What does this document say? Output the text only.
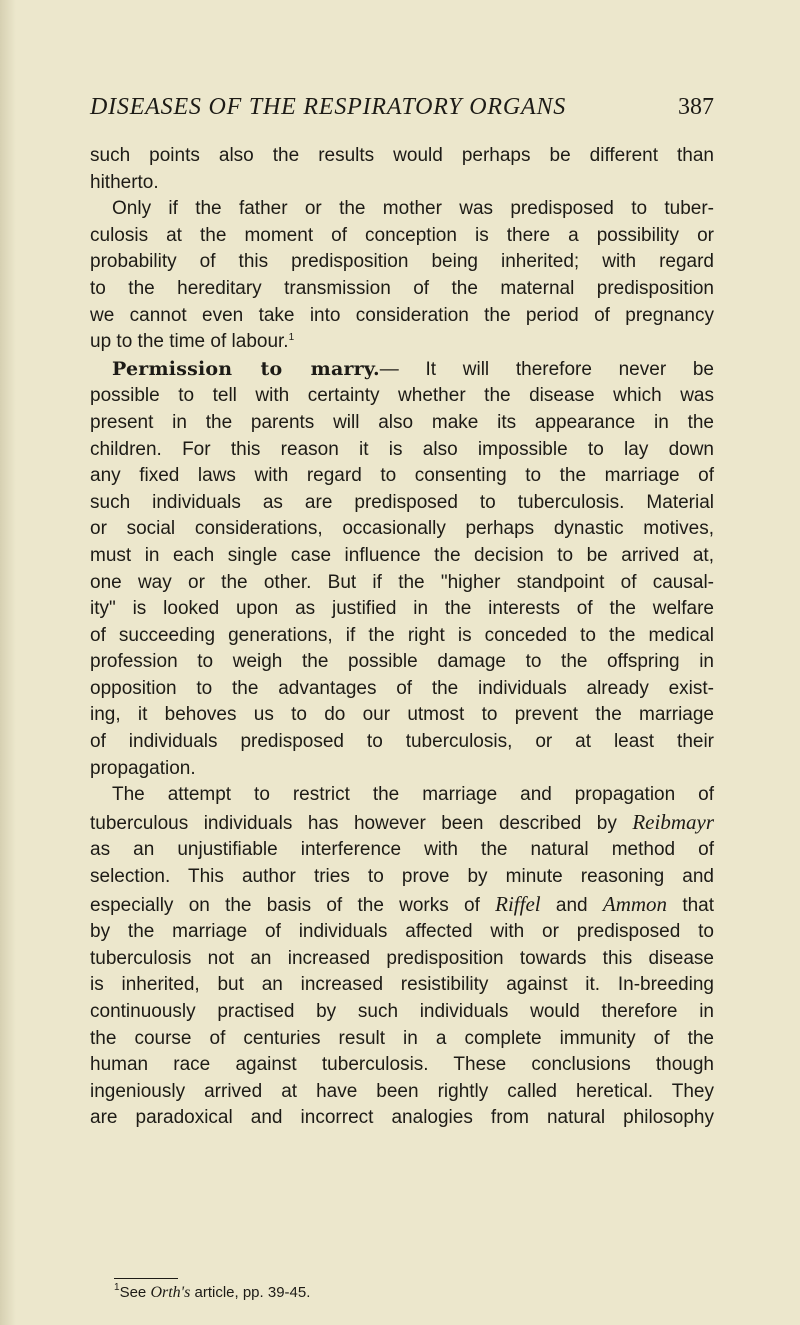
DISEASES OF THE RESPIRATORY ORGANS	387
such points also the results would perhaps be different than
hitherto.
Only if the father or the mother was predisposed to tuber-
culosis at the moment of conception is there a possibility or
probability of this predisposition being inherited; with regard
to the hereditary transmission of the maternal predisposition
we cannot even take into consideration the period of pregnancy
up to the time of labour.$^1$
Permission to marry.— It will therefore never be
possible to tell with certainty whether the disease which was
present in the parents will also make its appearance in the
children. For this reason it is also impossible to lay down
any fixed laws with regard to consenting to the marriage of
such individuals as are predisposed to tuberculosis. Material
or social considerations, occasionally perhaps dynastic motives,
must in each single case influence the decision to be arrived at,
one way or the other. But if the "higher standpoint of causal-
ity" is looked upon as justified in the interests of the welfare
of succeeding generations, if the right is conceded to the medical
profession to weigh the possible damage to the offspring in
opposition to the advantages of the individuals already exist-
ing, it behoves us to do our utmost to prevent the marriage
of individuals predisposed to tuberculosis, or at least their
propagation.
The attempt to restrict the marriage and propagation of
tuberculous individuals has however been described by Reibmayr
as an unjustifiable interference with the natural method of
selection. This author tries to prove by minute reasoning and
especially on the basis of the works of Riffel and Ammon that
by the marriage of individuals affected with or predisposed to
tuberculosis not an increased predisposition towards this disease
is inherited, but an increased resistibility against it. In-breeding
continuously practised by such individuals would therefore in
the course of centuries result in a complete immunity of the
human race against tuberculosis. These conclusions though
ingeniously arrived at have been rightly called heretical. They
are paradoxical and incorrect analogies from natural philosophy
$^1$See Orth's article, pp. 39-45.
